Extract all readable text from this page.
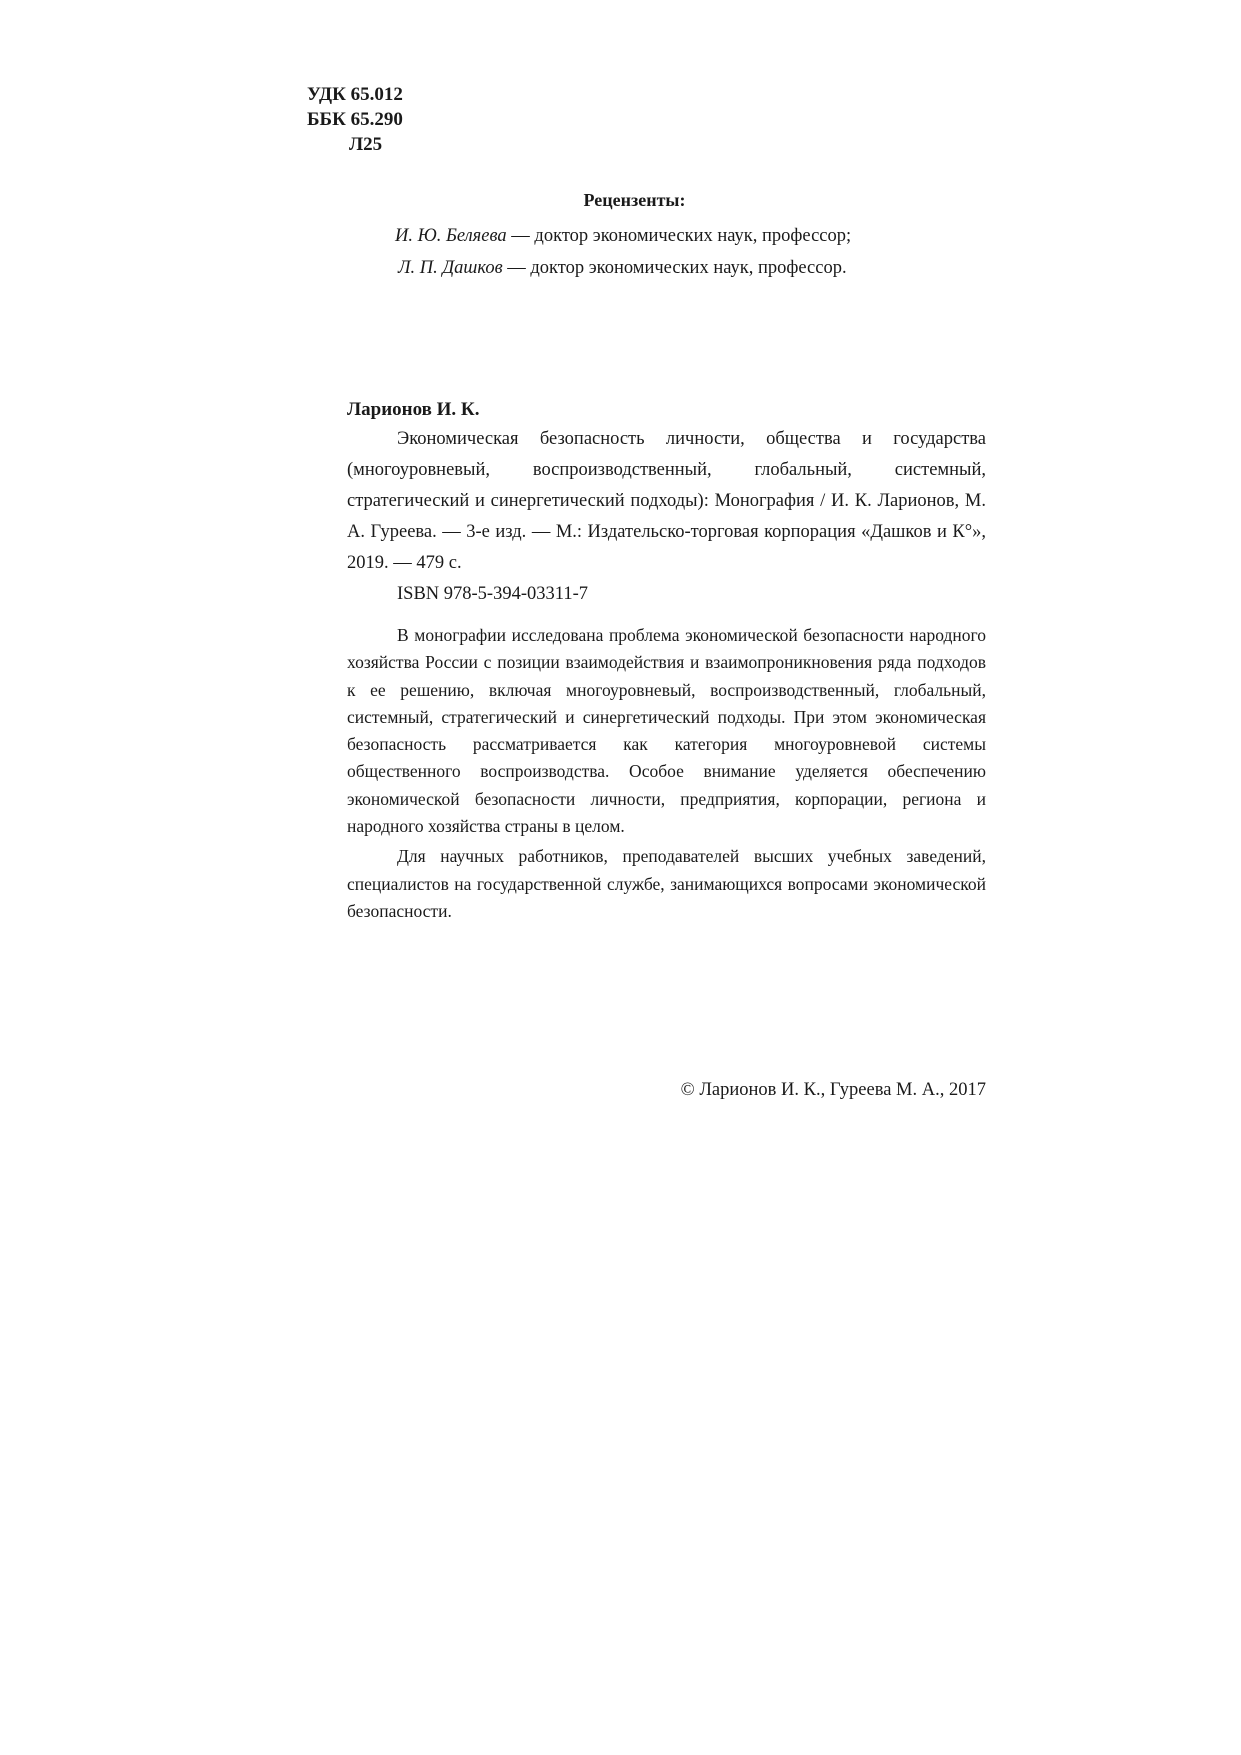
УДК 65.012
ББК 65.290
Л25
Рецензенты:
И. Ю. Беляева — доктор экономических наук, профессор;
Л. П. Дашков — доктор экономических наук, профессор.
Ларионов И. К.
Экономическая безопасность личности, общества и государства (многоуровневый, воспроизводственный, глобальный, системный, стратегический и синергетический подходы): Монография / И. К. Ларионов, М. А. Гуреева. — 3-е изд. — М.: Издательско-торговая корпорация «Дашков и К°», 2019. — 479 с.
ISBN 978-5-394-03311-7

В монографии исследована проблема экономической безопасности народного хозяйства России с позиции взаимодействия и взаимопроникновения ряда подходов к ее решению, включая многоуровневый, воспроизводственный, глобальный, системный, стратегический и синергетический подходы. При этом экономическая безопасность рассматривается как категория многоуровневой системы общественного воспроизводства. Особое внимание уделяется обеспечению экономической безопасности личности, предприятия, корпорации, региона и народного хозяйства страны в целом.

Для научных работников, преподавателей высших учебных заведений, специалистов на государственной службе, занимающихся вопросами экономической безопасности.

© Ларионов И. К., Гуреева М. А., 2017
